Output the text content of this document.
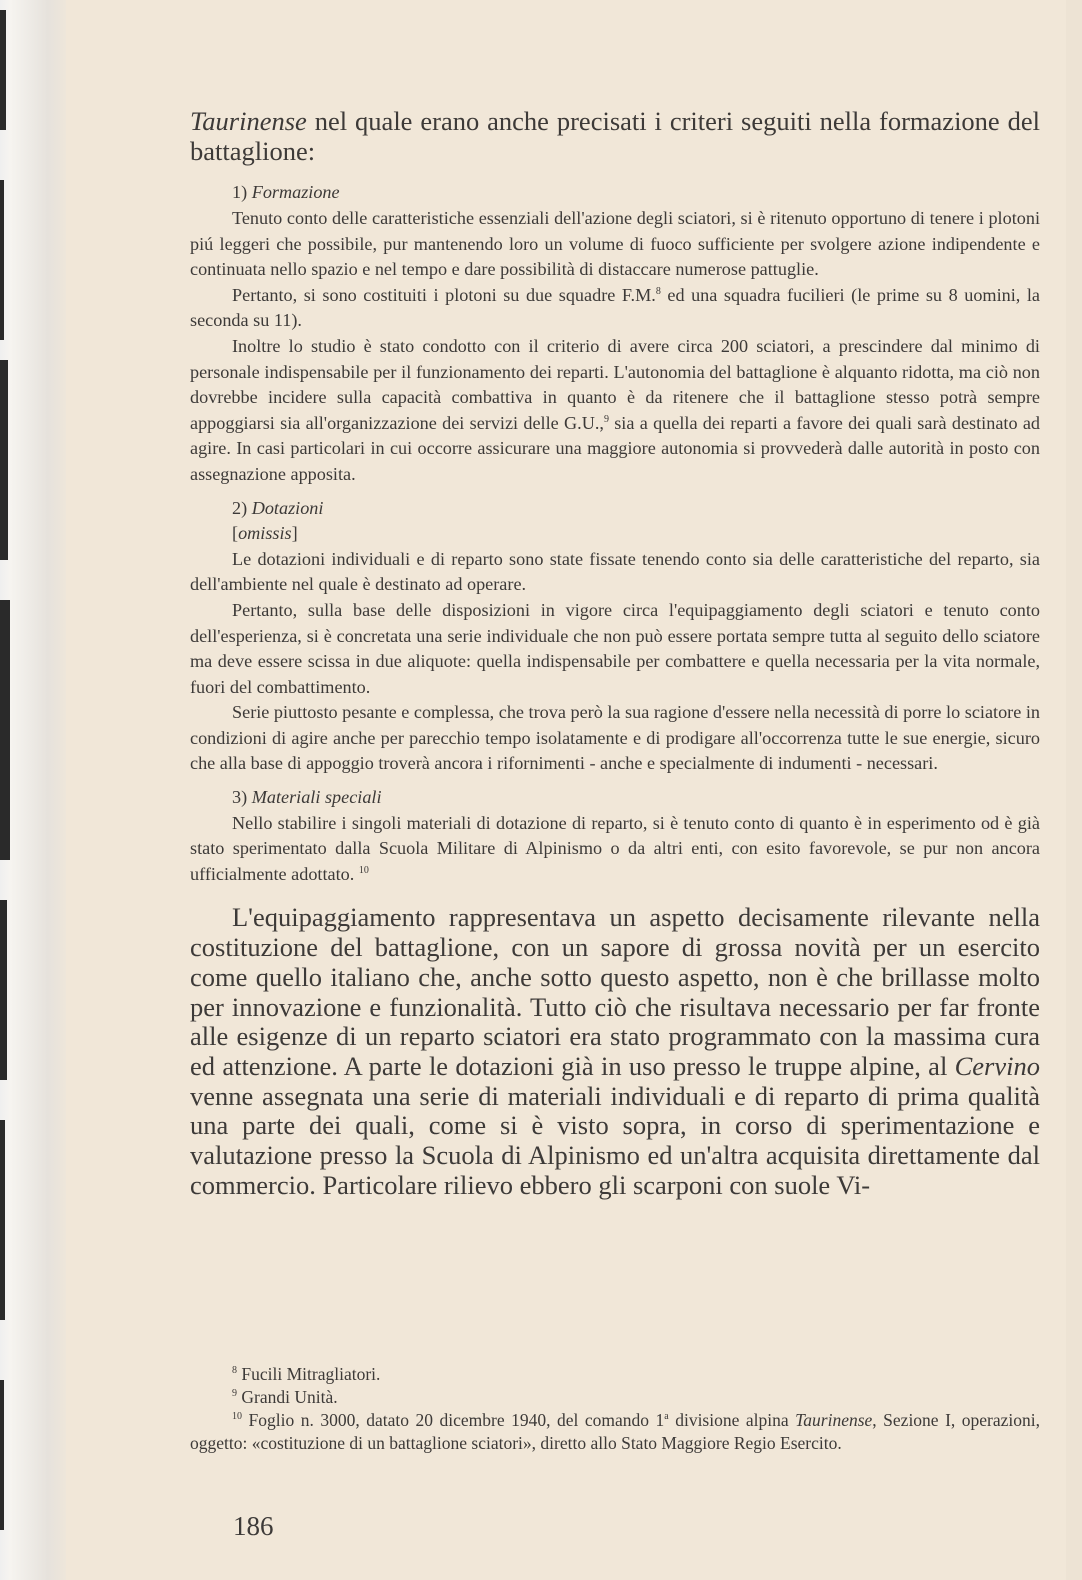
Taurinense nel quale erano anche precisati i criteri seguiti nella formazione del battaglione:

1) Formazione

Tenuto conto delle caratteristiche essenziali dell'azione degli sciatori, si è ritenuto opportuno di tenere i plotoni piú leggeri che possibile, pur mantenendo loro un volume di fuoco sufficiente per svolgere azione indipendente e continuata nello spazio e nel tempo e dare possibilità di distaccare numerose pattuglie.

Pertanto, si sono costituiti i plotoni su due squadre F.M.$^8$ ed una squadra fucilieri (le prime su 8 uomini, la seconda su 11).

Inoltre lo studio è stato condotto con il criterio di avere circa 200 sciatori, a prescindere dal minimo di personale indispensabile per il funzionamento dei reparti. L'autonomia del battaglione è alquanto ridotta, ma ciò non dovrebbe incidere sulla capacità combattiva in quanto è da ritenere che il battaglione stesso potrà sempre appoggiarsi sia all'organizzazione dei servizi delle G.U.,$^9$ sia a quella dei reparti a favore dei quali sarà destinato ad agire. In casi particolari in cui occorre assicurare una maggiore autonomia si provvederà dalle autorità in posto con assegnazione apposita.

2) Dotazioni

[omissis]

Le dotazioni individuali e di reparto sono state fissate tenendo conto sia delle caratteristiche del reparto, sia dell'ambiente nel quale è destinato ad operare.

Pertanto, sulla base delle disposizioni in vigore circa l'equipaggiamento degli sciatori e tenuto conto dell'esperienza, si è concretata una serie individuale che non può essere portata sempre tutta al seguito dello sciatore ma deve essere scissa in due aliquote: quella indispensabile per combattere e quella necessaria per la vita normale, fuori del combattimento.

Serie piuttosto pesante e complessa, che trova però la sua ragione d'essere nella necessità di porre lo sciatore in condizioni di agire anche per parecchio tempo isolatamente e di prodigare all'occorrenza tutte le sue energie, sicuro che alla base di appoggio troverà ancora i rifornimenti - anche e specialmente di indumenti - necessari.

3) Materiali speciali

Nello stabilire i singoli materiali di dotazione di reparto, si è tenuto conto di quanto è in esperimento od è già stato sperimentato dalla Scuola Militare di Alpinismo o da altri enti, con esito favorevole, se pur non ancora ufficialmente adottato. $^{10}$

L'equipaggiamento rappresentava un aspetto decisamente rilevante nella costituzione del battaglione, con un sapore di grossa novità per un esercito come quello italiano che, anche sotto questo aspetto, non è che brillasse molto per innovazione e funzionalità. Tutto ciò che risultava necessario per far fronte alle esigenze di un reparto sciatori era stato programmato con la massima cura ed attenzione. A parte le dotazioni già in uso presso le truppe alpine, al Cervino venne assegnata una serie di materiali individuali e di reparto di prima qualità una parte dei quali, come si è visto sopra, in corso di sperimentazione e valutazione presso la Scuola di Alpinismo ed un'altra acquisita direttamente dal commercio. Particolare rilievo ebbero gli scarponi con suole Vi-

$^8$ Fucili Mitragliatori.

$^9$ Grandi Unità.

$^{10}$ Foglio n. 3000, datato 20 dicembre 1940, del comando 1$^a$ divisione alpina Taurinense, Sezione I, operazioni, oggetto: «costituzione di un battaglione sciatori», diretto allo Stato Maggiore Regio Esercito.

186
